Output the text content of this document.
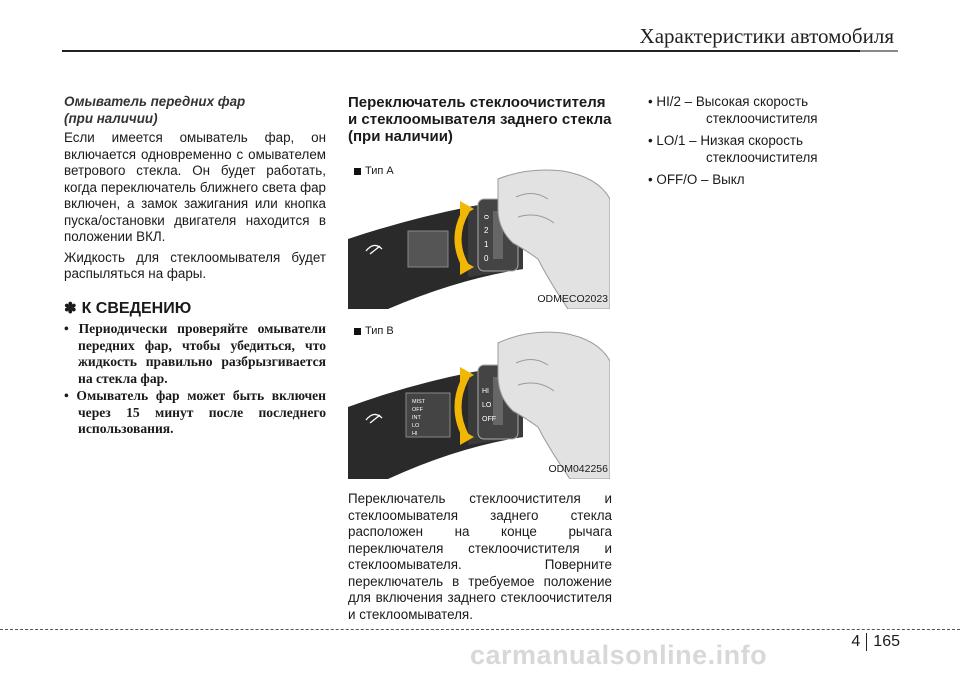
Характеристики автомобиля

Омыватель передних фар

(при наличии)

Если имеется омыватель фар, он включается одновременно с омывателем ветрового стекла. Он будет работать, когда переключатель ближнего света фар включен, а замок зажигания или кнопка пуска/остановки двигателя находится в положении ВКЛ.

Жидкость для стеклоомывателя будет распыляться на фары.

✽ К СВЕДЕНИЮ

• Периодически проверяйте омыватели передних фар, чтобы убедиться, что жидкость правильно разбрызгивается на стекла фар.

• Омыватель фар может быть включен через 15 минут после последнего использования.

Переключатель стеклоочистителя и стеклоомывателя заднего стекла (при наличии)
Тип A
ᴑ
2
1
0
ODMECO2023
Тип B
HI
LO
OFF
MIST
OFF
INT
LO
HI
ODM042256

Переключатель стеклоочистителя и стеклоомывателя заднего стекла расположен на конце рычага переключателя стеклоочистителя и стеклоомывателя. Поверните переключатель в требуемое положение для включения заднего стеклоочистителя и стеклоомывателя.

• HI/2 – Высокая скорость
стеклоочистителя
• LO/1 – Низкая скорость
стеклоочистителя
• OFF/O – Выкл
4 165
carmanualsonline.info
